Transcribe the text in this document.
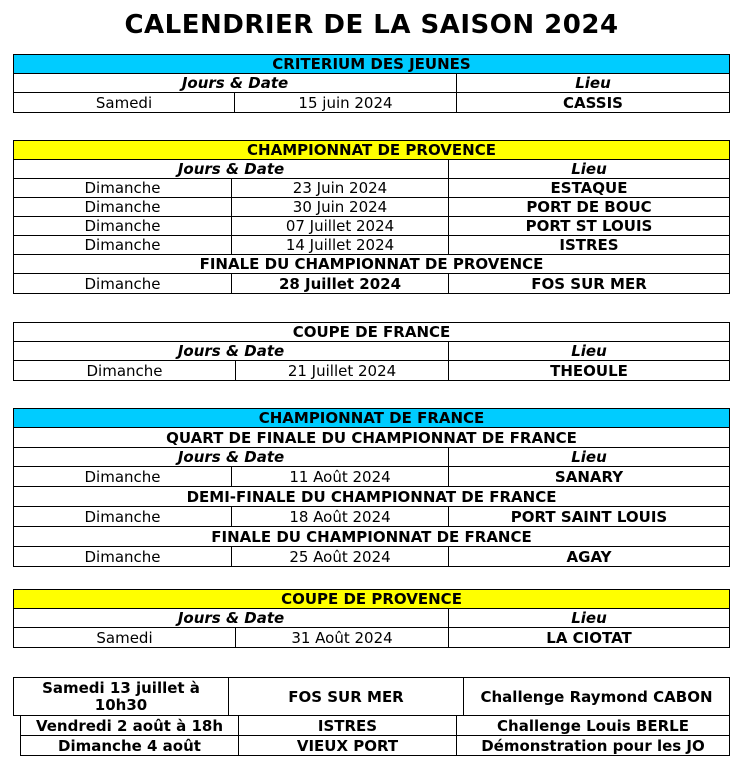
CALENDRIER DE LA SAISON 2024
CRITERIUM DES JEUNES		
Jours & Date		Lieu
Samedi	15 juin 2024	CASSIS
CHAMPIONNAT DE PROVENCE		
Jours & Date		Lieu
Dimanche	23 Juin 2024	ESTAQUE
Dimanche	30 Juin 2024	PORT DE BOUC
Dimanche	07 Juillet 2024	PORT ST LOUIS
Dimanche	14 Juillet 2024	ISTRES
FINALE DU CHAMPIONNAT DE PROVENCE		
Dimanche	28 Juillet 2024	FOS SUR MER
COUPE DE FRANCE		
Jours & Date		Lieu
Dimanche	21 Juillet 2024	THEOULE
CHAMPIONNAT DE FRANCE		
QUART DE FINALE DU CHAMPIONNAT DE FRANCE		
Jours & Date		Lieu
Dimanche	11 Août 2024	SANARY
DEMI-FINALE DU CHAMPIONNAT DE FRANCE		
Dimanche	18 Août 2024	PORT SAINT LOUIS
FINALE DU CHAMPIONNAT DE FRANCE		
Dimanche	25 Août 2024	AGAY
COUPE DE PROVENCE		
Jours & Date		Lieu
Samedi	31 Août 2024	LA CIOTAT
Samedi 13 juillet à 10h30	FOS SUR MER	Challenge Raymond CABON
Vendredi 2 août à 18h	ISTRES	Challenge Louis BERLE
Dimanche 4 août	VIEUX PORT	Démonstration pour les JO
